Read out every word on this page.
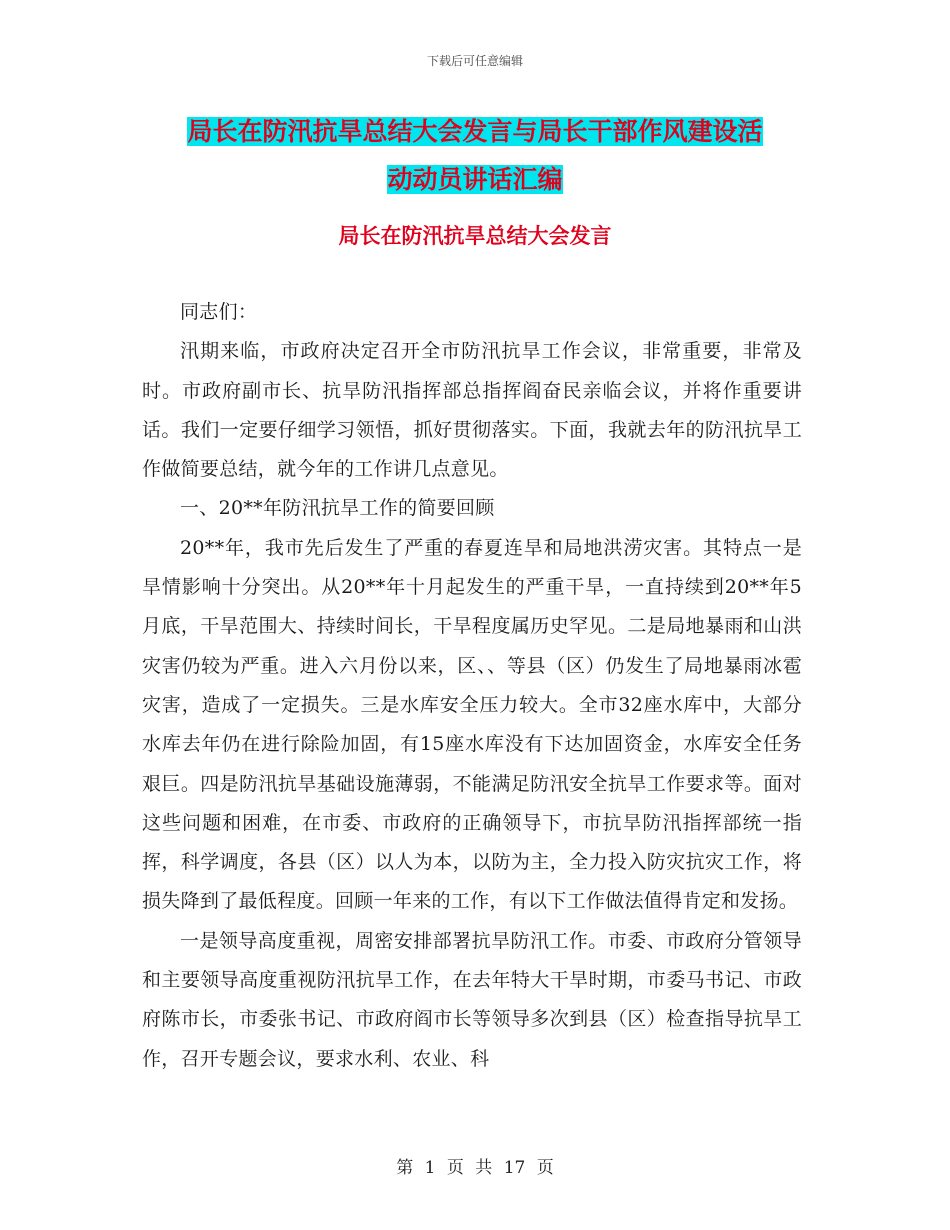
下载后可任意编辑
局长在防汛抗旱总结大会发言与局长干部作风建设活
动动员讲话汇编
局长在防汛抗旱总结大会发言

同志们：

汛期来临，市政府决定召开全市防汛抗旱工作会议，非常重要，非常及时。市政府副市长、抗旱防汛指挥部总指挥阎奋民亲临会议，并将作重要讲话。我们一定要仔细学习领悟，抓好贯彻落实。下面，我就去年的防汛抗旱工作做简要总结，就今年的工作讲几点意见。

一、20**年防汛抗旱工作的简要回顾

20**年，我市先后发生了严重的春夏连旱和局地洪涝灾害。其特点一是旱情影响十分突出。从20**年十月起发生的严重干旱，一直持续到20**年5月底，干旱范围大、持续时间长，干旱程度属历史罕见。二是局地暴雨和山洪灾害仍较为严重。进入六月份以来，区、、等县（区）仍发生了局地暴雨冰雹灾害，造成了一定损失。三是水库安全压力较大。全市32座水库中，大部分水库去年仍在进行除险加固，有15座水库没有下达加固资金，水库安全任务艰巨。四是防汛抗旱基础设施薄弱，不能满足防汛安全抗旱工作要求等。面对这些问题和困难，在市委、市政府的正确领导下，市抗旱防汛指挥部统一指挥，科学调度，各县（区）以人为本，以防为主，全力投入防灾抗灾工作，将损失降到了最低程度。回顾一年来的工作，有以下工作做法值得肯定和发扬。

一是领导高度重视，周密安排部署抗旱防汛工作。市委、市政府分管领导和主要领导高度重视防汛抗旱工作，在去年特大干旱时期，市委马书记、市政府陈市长，市委张书记、市政府阎市长等领导多次到县（区）检查指导抗旱工作，召开专题会议，要求水利、农业、科

第 1 页 共 17 页
